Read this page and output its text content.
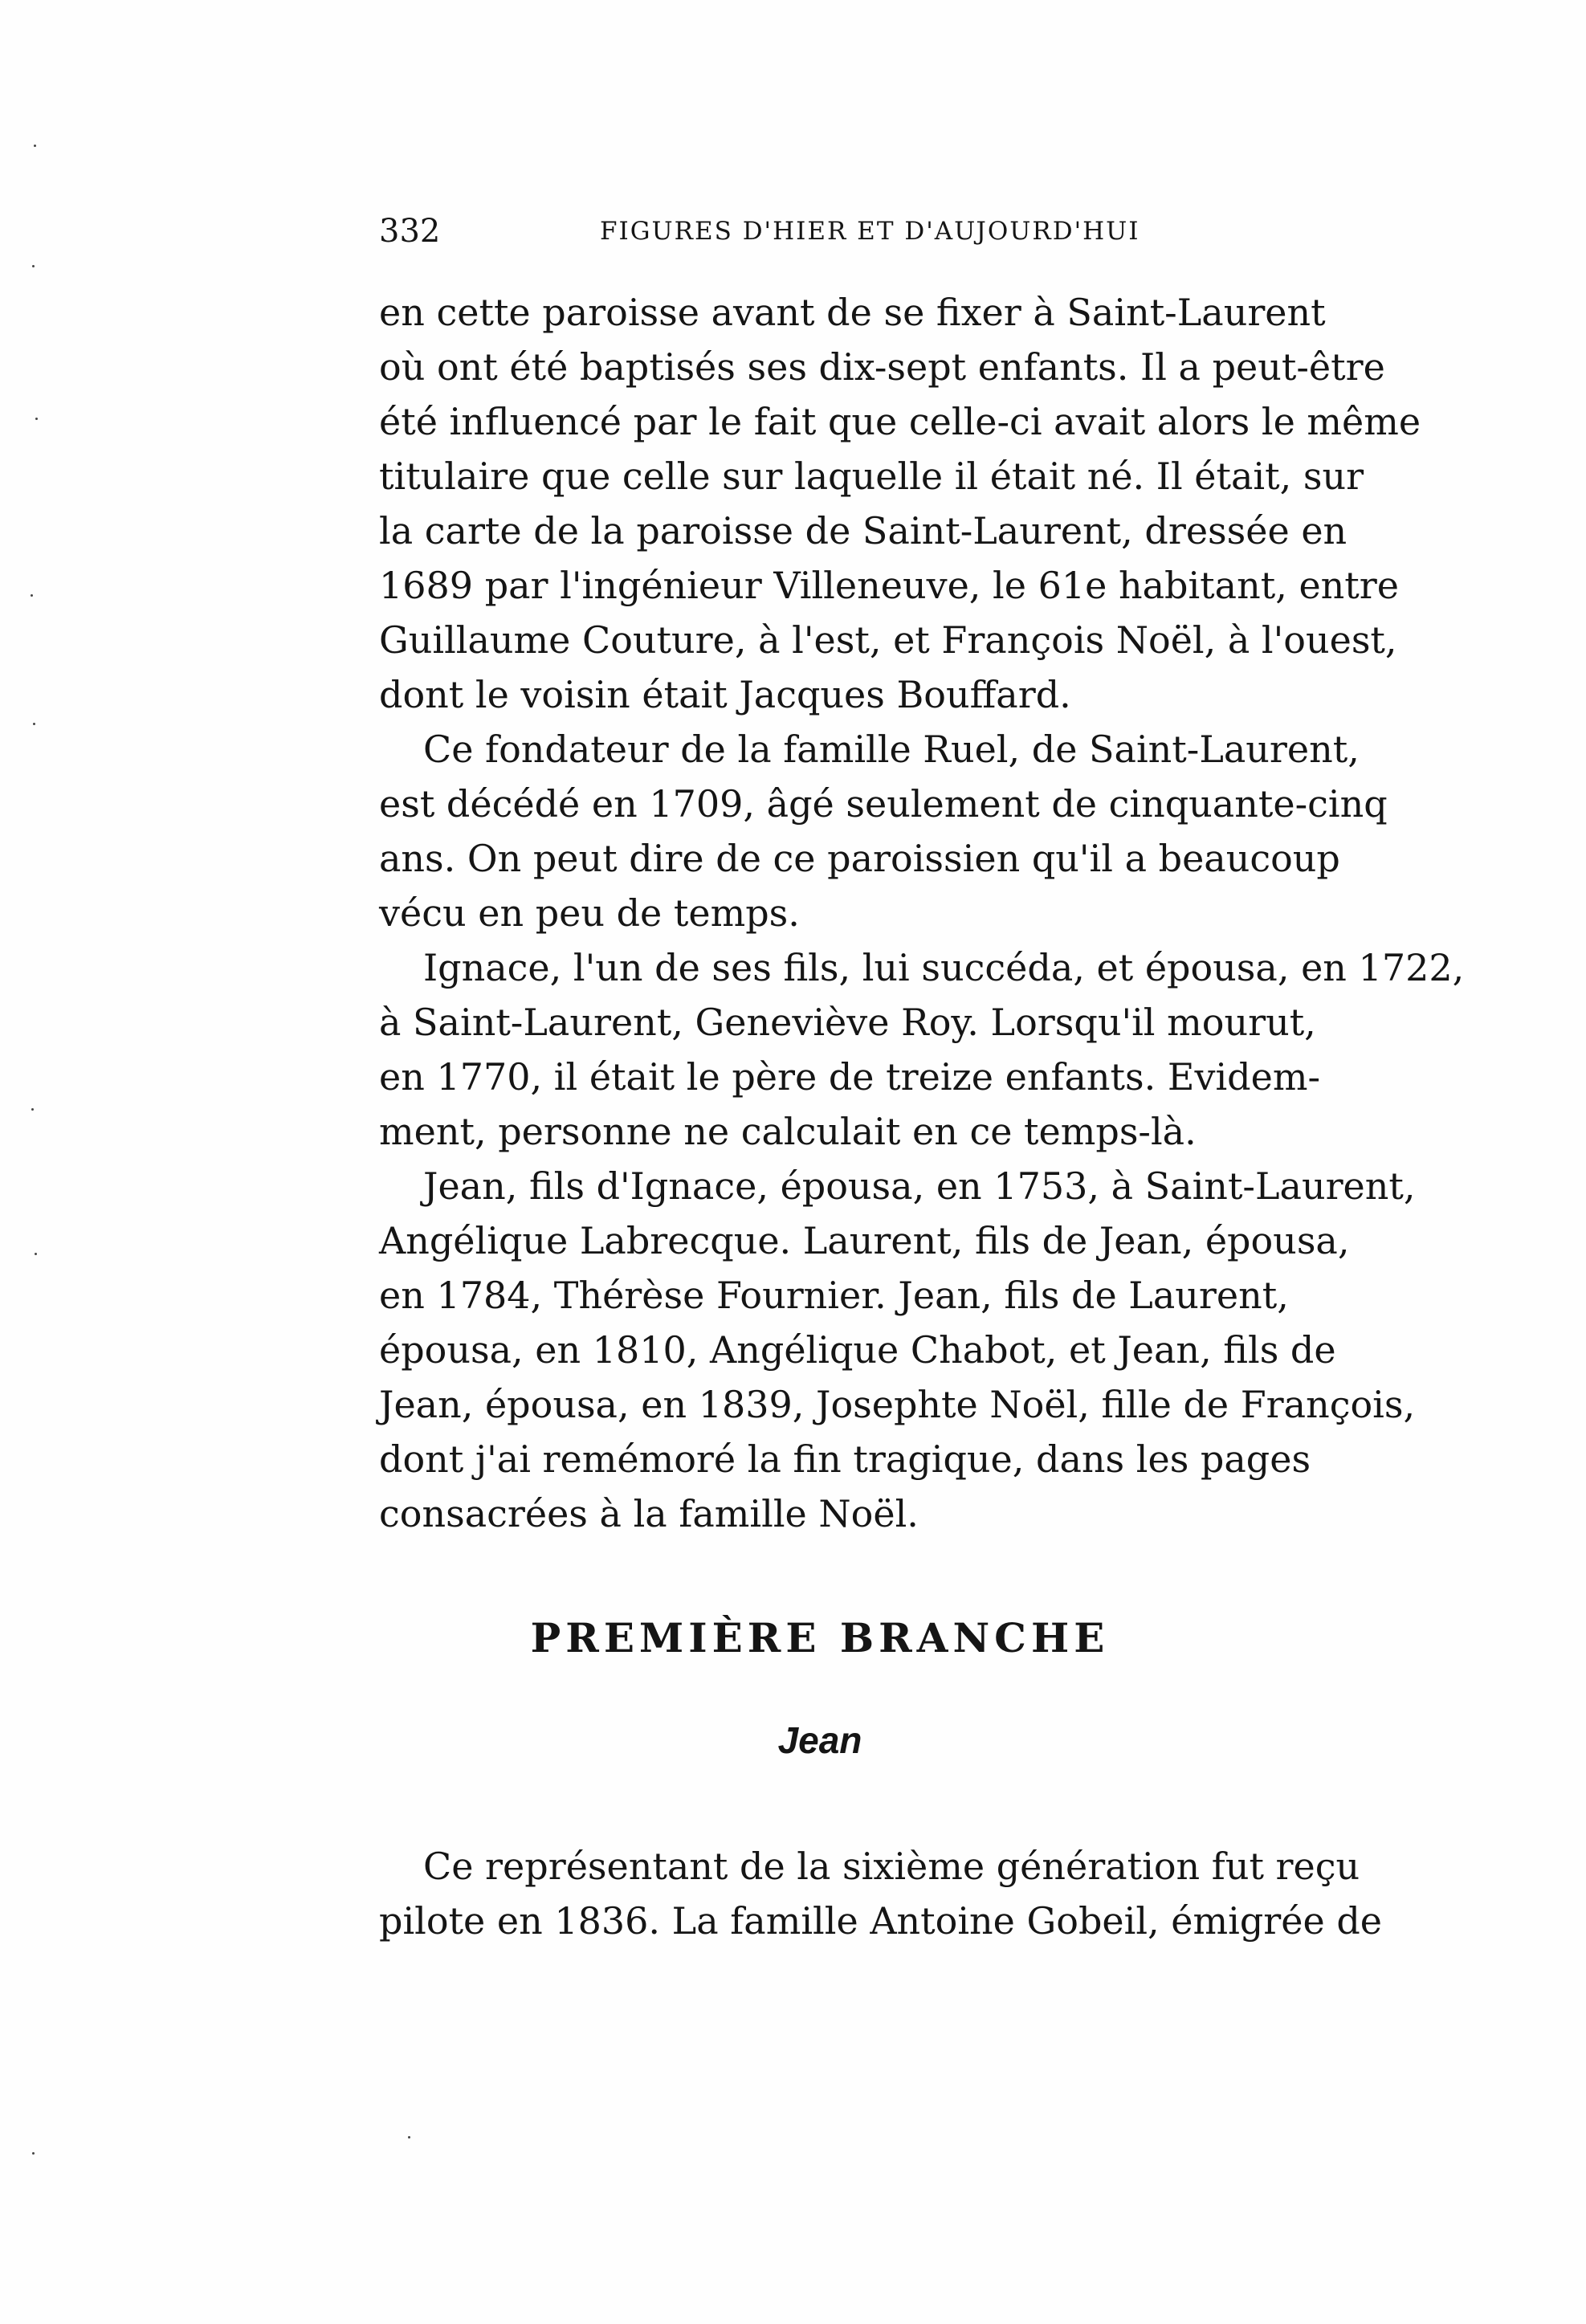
332	FIGURES D'HIER ET D'AUJOURD'HUI
en cette paroisse avant de se fixer à Saint-Laurent
où ont été baptisés ses dix-sept enfants. Il a peut-être
été influencé par le fait que celle-ci avait alors le même
titulaire que celle sur laquelle il était né. Il était, sur
la carte de la paroisse de Saint-Laurent, dressée en
1689 par l'ingénieur Villeneuve, le 61e habitant, entre
Guillaume Couture, à l'est, et François Noël, à l'ouest,
dont le voisin était Jacques Bouffard.
Ce fondateur de la famille Ruel, de Saint-Laurent,
est décédé en 1709, âgé seulement de cinquante-cinq
ans. On peut dire de ce paroissien qu'il a beaucoup
vécu en peu de temps.
Ignace, l'un de ses fils, lui succéda, et épousa, en 1722,
à Saint-Laurent, Geneviève Roy. Lorsqu'il mourut,
en 1770, il était le père de treize enfants. Evidem-
ment, personne ne calculait en ce temps-là.
Jean, fils d'Ignace, épousa, en 1753, à Saint-Laurent,
Angélique Labrecque. Laurent, fils de Jean, épousa,
en 1784, Thérèse Fournier. Jean, fils de Laurent,
épousa, en 1810, Angélique Chabot, et Jean, fils de
Jean, épousa, en 1839, Josephte Noël, fille de François,
dont j'ai remémoré la fin tragique, dans les pages
consacrées à la famille Noël.
PREMIÈRE BRANCHE
Jean
Ce représentant de la sixième génération fut reçu
pilote en 1836. La famille Antoine Gobeil, émigrée de
